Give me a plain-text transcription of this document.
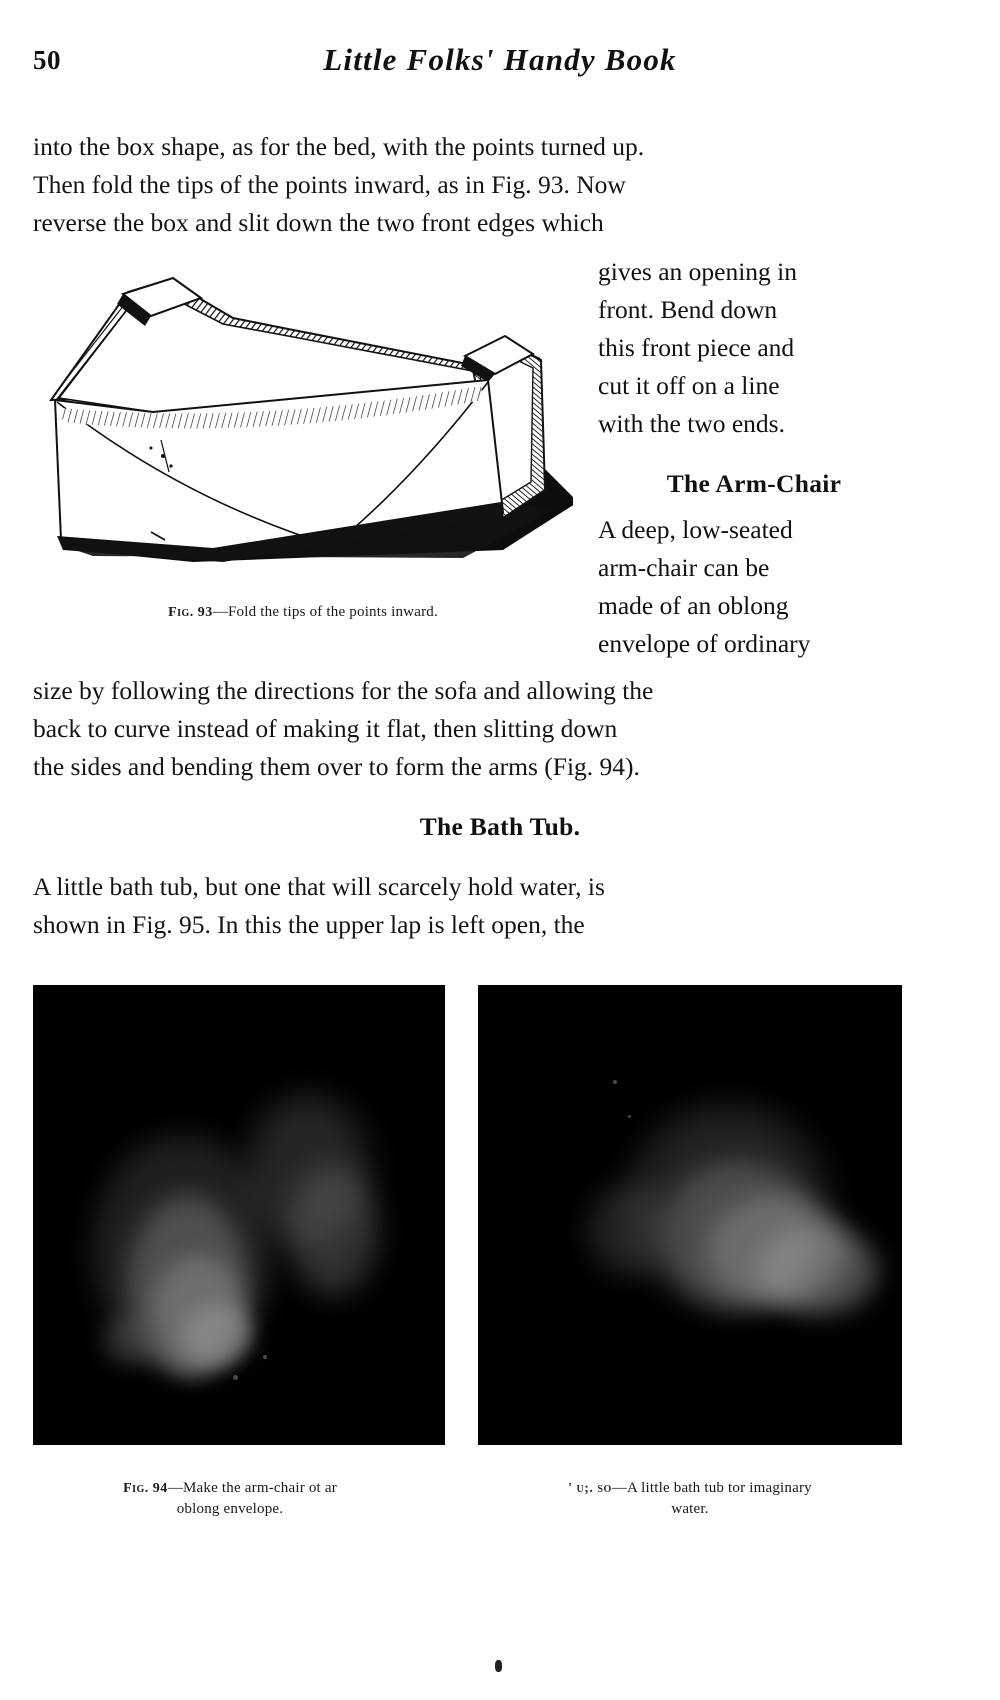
50	Little Folks' Handy Book
into the box shape, as for the bed, with the points turned up.
Then fold the tips of the points inward, as in Fig. 93. Now
reverse the box and slit down the two front edges which
Fig. 93—Fold the tips of the points inward.
gives an opening in
front. Bend down
this front piece and
cut it off on a line
with the two ends.
The Arm-Chair
A deep, low-seated
arm-chair can be
made of an oblong
envelope of ordinary
size by following the directions for the sofa and allowing the
back to curve instead of making it flat, then slitting down
the sides and bending them over to form the arms (Fig. 94).
The Bath Tub.
A little bath tub, but one that will scarcely hold water, is
shown in Fig. 95. In this the upper lap is left open, the
Fig. 94—Make the arm-chair ot ar
oblong envelope.
' u;. so—A little bath tub tor imaginary
water.
